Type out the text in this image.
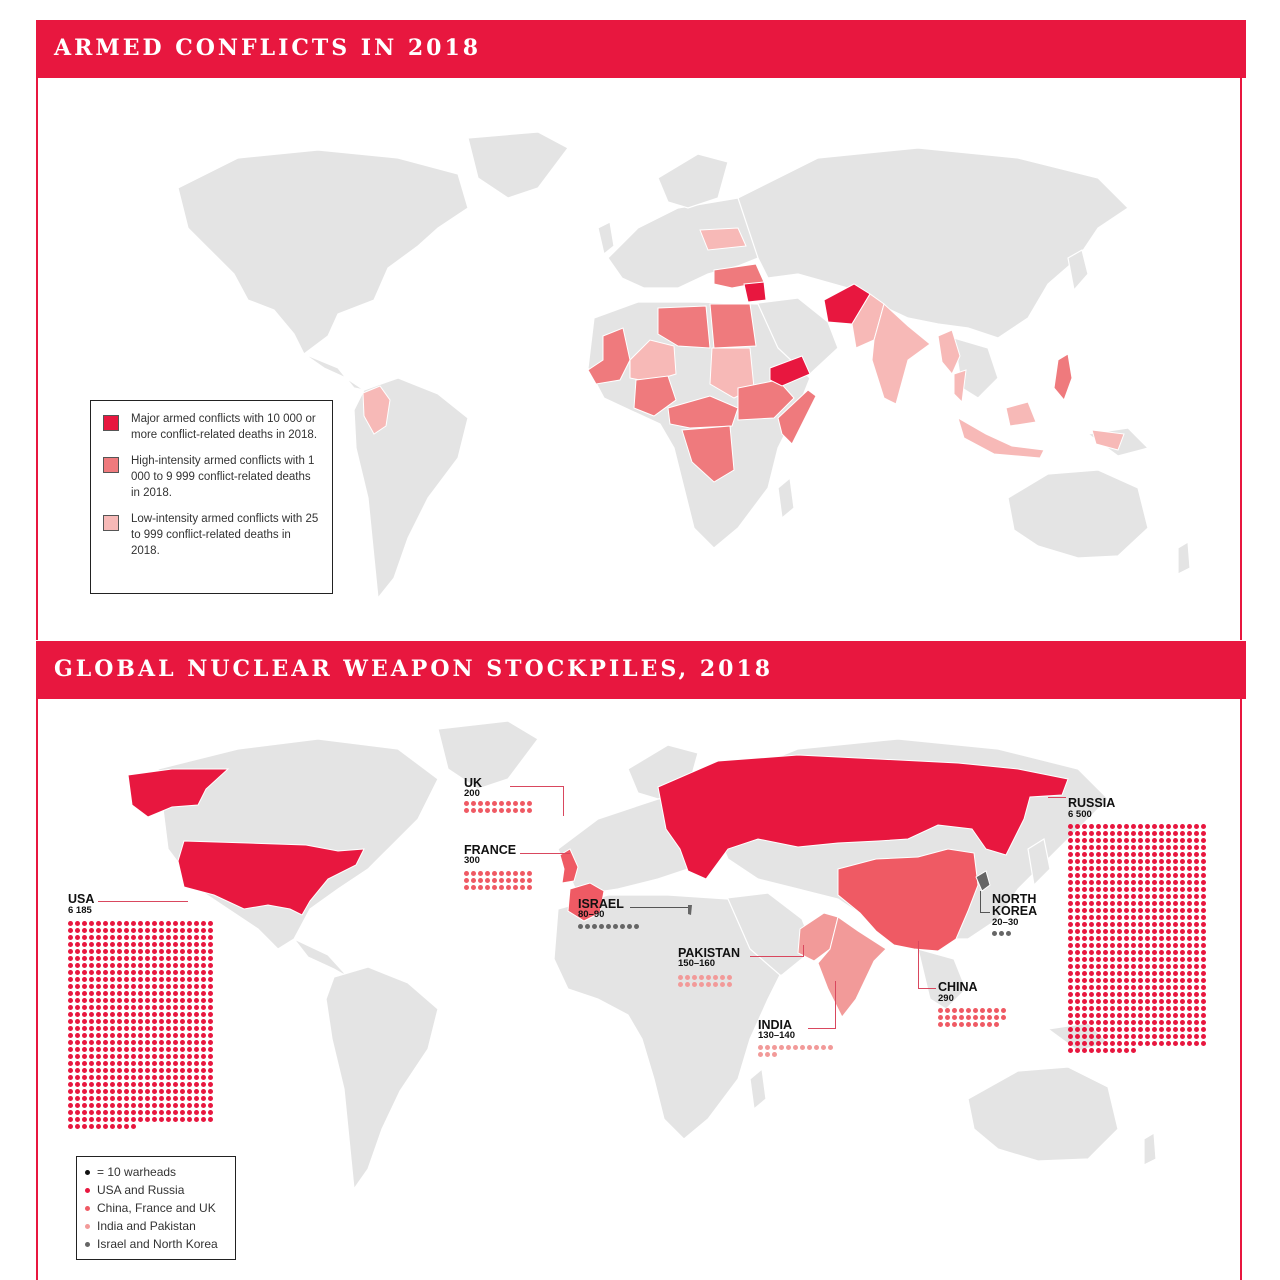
ARMED CONFLICTS IN 2018
Major armed conflicts with 10 000 or more conflict-related deaths in 2018.
High-intensity armed conflicts with 1 000 to 9 999 conflict-related deaths in 2018.
Low-intensity armed conflicts with 25 to 999 conflict-related deaths in 2018.
GLOBAL NUCLEAR WEAPON STOCKPILES, 2018
UK
200
FRANCE
300
ISRAEL
80–90
PAKISTAN
150–160
INDIA
130–140
CHINA
290
NORTH
KOREA
20–30
RUSSIA
6 500
USA
6 185
= 10 warheads
USA and Russia
China, France and UK
India and Pakistan
Israel and North Korea
